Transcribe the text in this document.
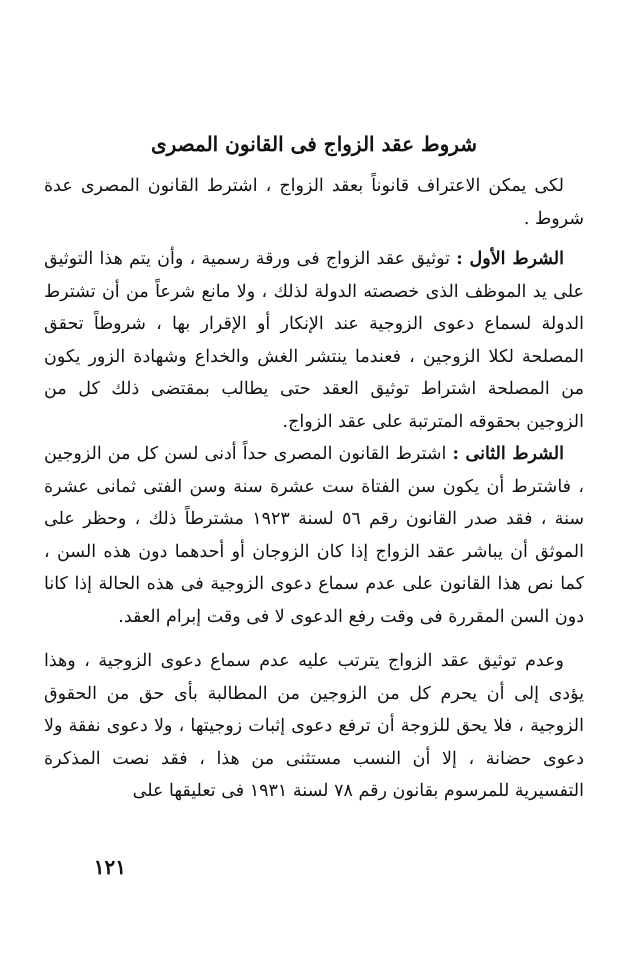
شروط عقد الزواج فى القانون المصرى

لكى يمكن الاعتراف قانوناً بعقد الزواج ، اشترط القانون المصرى عدة شروط .

الشرط الأول : توثيق عقد الزواج فى ورقة رسمية ، وأن يتم هذا التوثيق على يد الموظف الذى خصصته الدولة لذلك ، ولا مانع شرعاً من أن تشترط الدولة لسماع دعوى الزوجية عند الإنكار أو الإقرار بها ، شروطاً تحقق المصلحة لكلا الزوجين ، فعندما ينتشر الغش والخداع وشهادة الزور يكون من المصلحة اشتراط توثيق العقد حتى يطالب بمقتضى ذلك كل من الزوجين بحقوقه المترتبة على عقد الزواج.

الشرط الثانى : اشترط القانون المصرى حداً أدنى لسن كل من الزوجين ، فاشترط أن يكون سن الفتاة ست عشرة سنة وسن الفتى ثمانى عشرة سنة ، فقد صدر القانون رقم ٥٦ لسنة ١٩٢٣ مشترطاً ذلك ، وحظر على الموثق أن يباشر عقد الزواج إذا كان الزوجان أو أحدهما دون هذه السن ، كما نص هذا القانون على عدم سماع دعوى الزوجية فى هذه الحالة إذا كانا دون السن المقررة فى وقت رفع الدعوى لا فى وقت إبرام العقد.

وعدم توثيق عقد الزواج يترتب عليه عدم سماع دعوى الزوجية ، وهذا يؤدى إلى أن يحرم كل من الزوجين من المطالبة بأى حق من الحقوق الزوجية ، فلا يحق للزوجة أن ترفع دعوى إثبات زوجيتها ، ولا دعوى نفقة ولا دعوى حضانة ، إلا أن النسب مستثنى من هذا ، فقد نصت المذكرة التفسيرية للمرسوم بقانون رقم ٧٨ لسنة ١٩٣١ فى تعليقها على

١٢١
